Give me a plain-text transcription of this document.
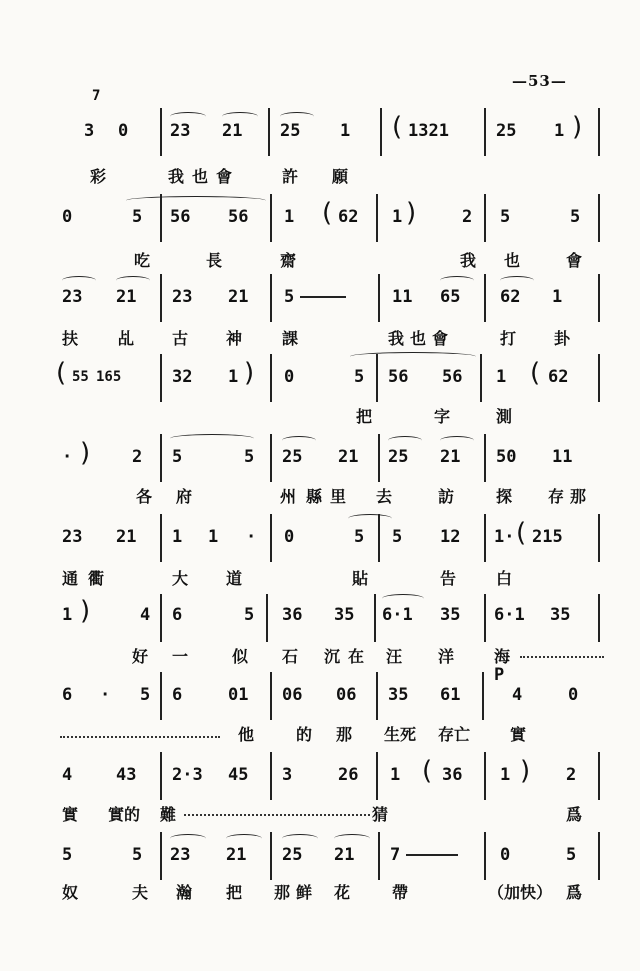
—53—
7
3 0 23 21 25 1 ( 1321	25 1 )
彩	我也會	許 願
0	5 56 56 1 ( 62 1 )	2 5	5
吃	長	齋	我 也	會
23 21 23 21 5	11 65 62 1
扶 乩 古 神 課	我也會	打 卦
( 55 165	32 1 ) 0	5 56 56 1 ( 62
把	字	測
· ) 2 5	5 25 21 25 21 50 11
各 府	州 縣 里 去	訪	探 存 那
23 21 1 1 · 0	5 5 12 1· ( 215
通 衢	大 道	貼	告 白
1 )	4 6	5 36 35 6·1 35 6·1 35
好 一	似 石 沉 在 汪 洋 海
6 · 5 6	01 06 06 35 61
P
4	0
他	的 那 生死 存亡 實
4	43 2·3 45 3	26 1 ( 36 1 ) 2
實 實的 難	猜	爲
5	5 23 21 25 21 7	0	5
奴	夫 瀚 把 那 鲜 花	帶	（加快） 爲
